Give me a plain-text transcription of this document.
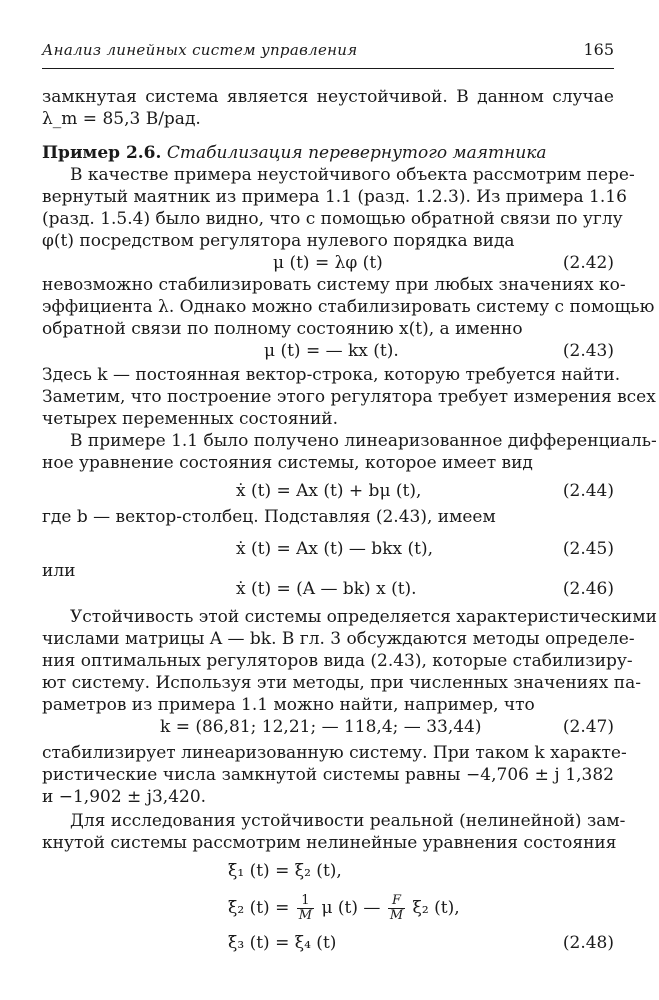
Анализ линейных систем управления	165
замкнутая система является неустойчивой. В данном случае
λ_m = 85,3 В/рад.
Пример 2.6. Стабилизация перевернутого маятника
В качестве примера неустойчивого объекта рассмотрим пере-
вернутый маятник из примера 1.1 (разд. 1.2.3). Из примера 1.16
(разд. 1.5.4) было видно, что с помощью обратной связи по углу
φ(t) посредством регулятора нулевого порядка вида
μ (t) = λφ (t)	(2.42)
невозможно стабилизировать систему при любых значениях ко-
эффициента λ. Однако можно стабилизировать систему с помощью
обратной связи по полному состоянию x(t), а именно
μ (t) = — kx (t).	(2.43)
Здесь k — постоянная вектор-строка, которую требуется найти.
Заметим, что построение этого регулятора требует измерения всех
четырех переменных состояний.
В примере 1.1 было получено линеаризованное дифференциаль-
ное уравнение состояния системы, которое имеет вид
ẋ (t) = Ax (t) + bμ (t),	(2.44)
где b — вектор-столбец. Подставляя (2.43), имеем
ẋ (t) = Ax (t) — bkx (t),	(2.45)
или
ẋ (t) = (A — bk) x (t).	(2.46)
Устойчивость этой системы определяется характеристическими
числами матрицы A — bk. В гл. 3 обсуждаются методы определе-
ния оптимальных регуляторов вида (2.43), которые стабилизиру-
ют систему. Используя эти методы, при численных значениях па-
раметров из примера 1.1 можно найти, например, что
k = (86,81; 12,21; — 118,4; — 33,44)	(2.47)
стабилизирует линеаризованную систему. При таком k характе-
ристические числа замкнутой системы равны −4,706 ± j 1,382
и −1,902 ± j3,420.
Для исследования устойчивости реальной (нелинейной) зам-
кнутой системы рассмотрим нелинейные уравнения состояния
ξ̇₁ (t) = ξ₂ (t),
ξ̇₂ $(t) = \frac{1}{M}$ μ (t) — $\frac{F}{M} \xi_2$ (t),
ξ̇₃ (t) = ξ₄ (t)	(2.48)
